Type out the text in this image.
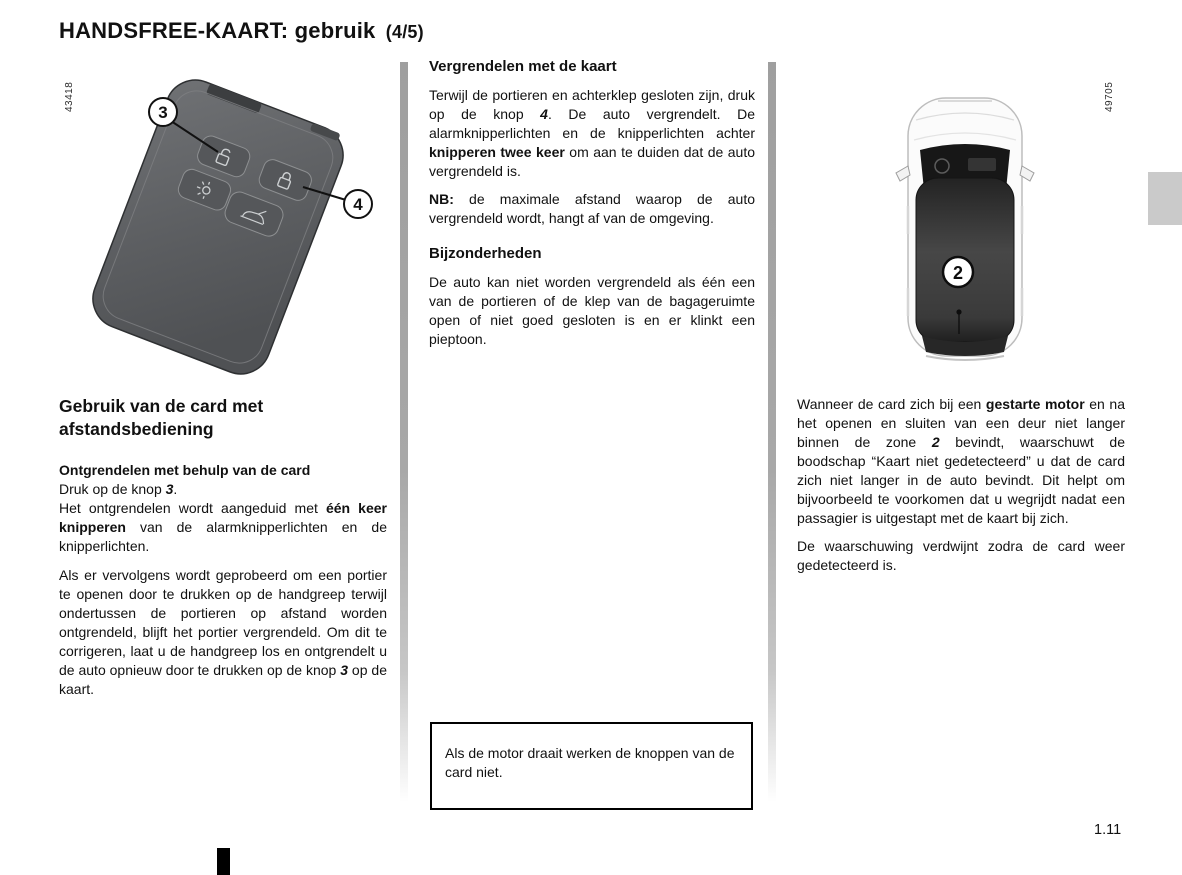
HANDSFREE-KAART: gebruik (4/5)
43418	49705
3
4
2
Gebruik van de card met afstandsbediening

Ontgrendelen met behulp van de card

Druk op de knop 3.

Het ontgrendelen wordt aangeduid met één keer knipperen van de alarmknipperlichten en de knipperlichten.

Als er vervolgens wordt geprobeerd om een portier te openen door te drukken op de handgreep terwijl ondertussen de portieren op afstand worden ontgrendeld, blijft het portier vergrendeld. Om dit te corrigeren, laat u de handgreep los en ontgrendelt u de auto opnieuw door te drukken op de knop 3 op de kaart.

Vergrendelen met de kaart

Terwijl de portieren en achterklep gesloten zijn, druk op de knop 4. De auto vergrendelt. De alarmknipperlichten en de knipperlichten achter knipperen twee keer om aan te duiden dat de auto vergrendeld is.

NB: de maximale afstand waarop de auto vergrendeld wordt, hangt af van de omgeving.

Bijzonderheden

De auto kan niet worden vergrendeld als één een van de portieren of de klep van de bagageruimte open of niet goed gesloten is en er klinkt een pieptoon.

Als de motor draait werken de knoppen van de card niet.

Wanneer de card zich bij een gestarte motor en na het openen en sluiten van een deur niet langer binnen de zone 2 bevindt, waarschuwt de boodschap “Kaart niet gedetecteerd” u dat de card zich niet langer in de auto bevindt. Dit helpt om bijvoorbeeld te voorkomen dat u wegrijdt nadat een passagier is uitgestapt met de kaart bij zich.

De waarschuwing verdwijnt zodra de card weer gedetecteerd is.

1.11
